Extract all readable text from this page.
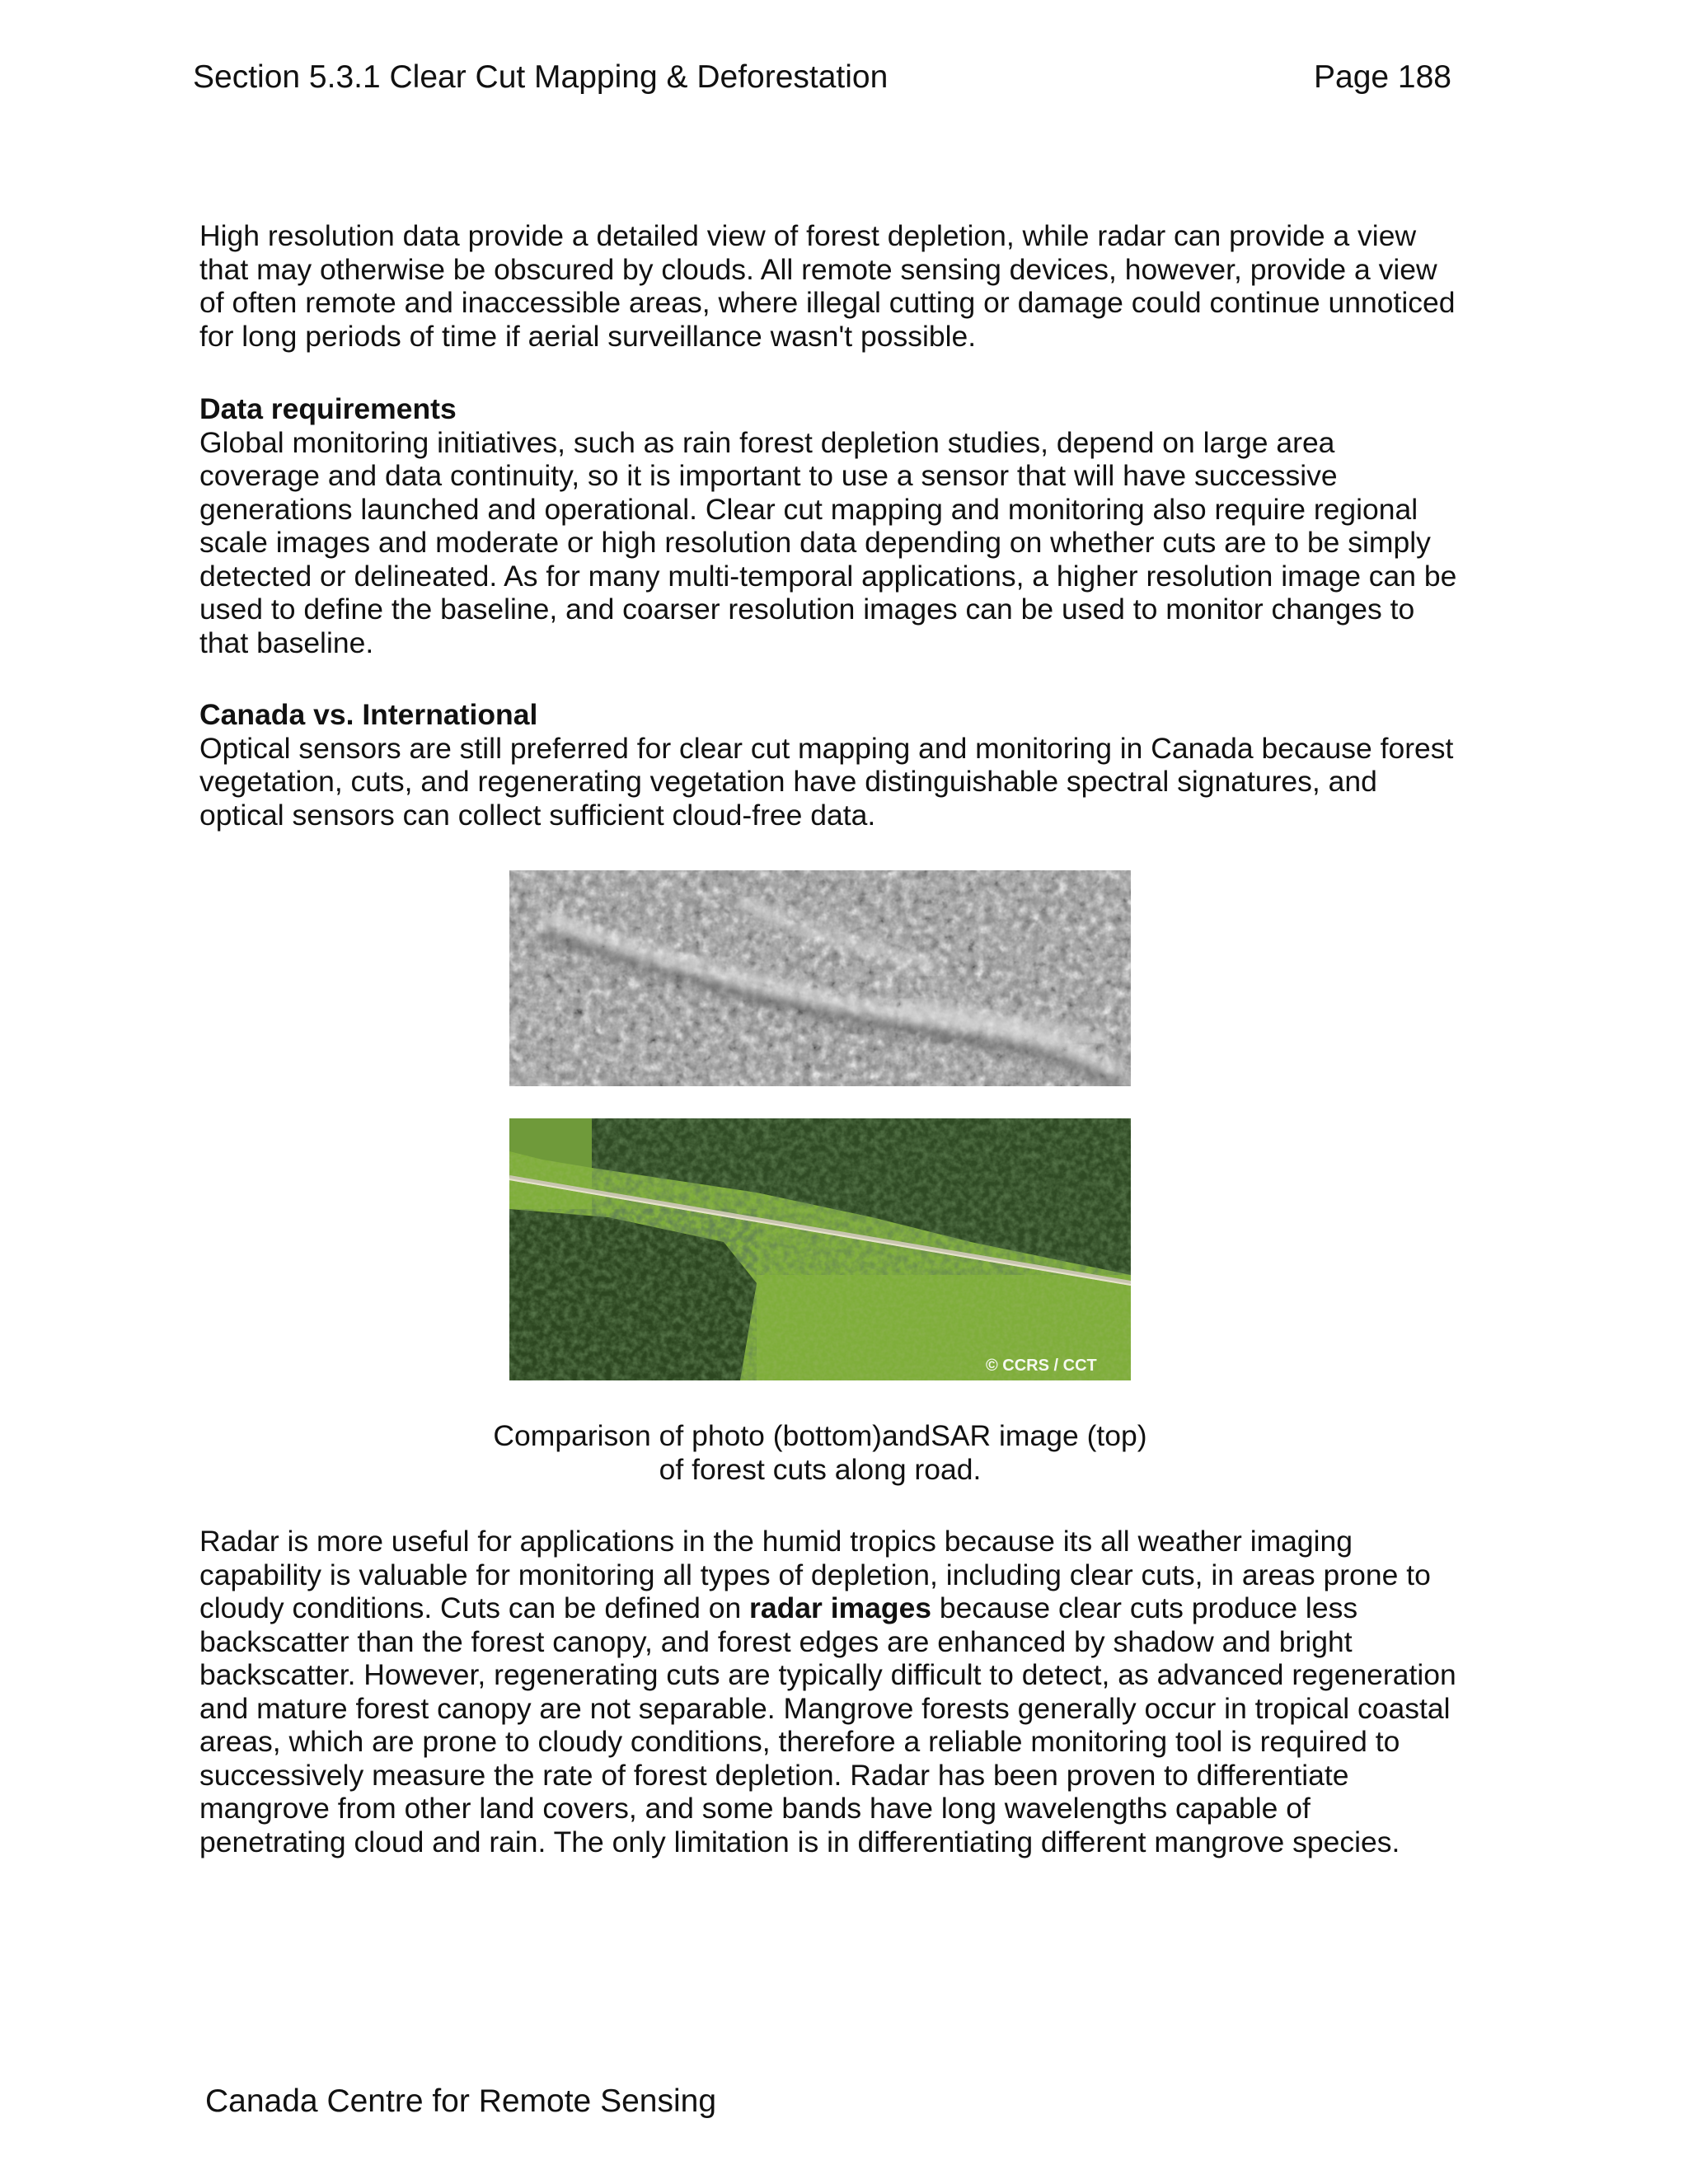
Section 5.3.1 Clear Cut Mapping & Deforestation	Page 188

High resolution data provide a detailed view of forest depletion, while radar can provide a view that may otherwise be obscured by clouds. All remote sensing devices, however, provide a view of often remote and inaccessible areas, where illegal cutting or damage could continue unnoticed for long periods of time if aerial surveillance wasn't possible.

Data requirements
Global monitoring initiatives, such as rain forest depletion studies, depend on large area coverage and data continuity, so it is important to use a sensor that will have successive generations launched and operational. Clear cut mapping and monitoring also require regional scale images and moderate or high resolution data depending on whether cuts are to be simply detected or delineated. As for many multi-temporal applications, a higher resolution image can be used to define the baseline, and coarser resolution images can be used to monitor changes to that baseline.

Canada vs. International
Optical sensors are still preferred for clear cut mapping and monitoring in Canada because forest vegetation, cuts, and regenerating vegetation have distinguishable spectral signatures, and optical sensors can collect sufficient cloud-free data.

© CCRS / CCT
Comparison of photo (bottom)andSAR image (top)
of forest cuts along road.

Radar is more useful for applications in the humid tropics because its all weather imaging capability is valuable for monitoring all types of depletion, including clear cuts, in areas prone to cloudy conditions. Cuts can be defined on radar images because clear cuts produce less backscatter than the forest canopy, and forest edges are enhanced by shadow and bright backscatter. However, regenerating cuts are typically difficult to detect, as advanced regeneration and mature forest canopy are not separable. Mangrove forests generally occur in tropical coastal areas, which are prone to cloudy conditions, therefore a reliable monitoring tool is required to successively measure the rate of forest depletion. Radar has been proven to differentiate mangrove from other land covers, and some bands have long wavelengths capable of penetrating cloud and rain. The only limitation is in differentiating different mangrove species.

Canada Centre for Remote Sensing
